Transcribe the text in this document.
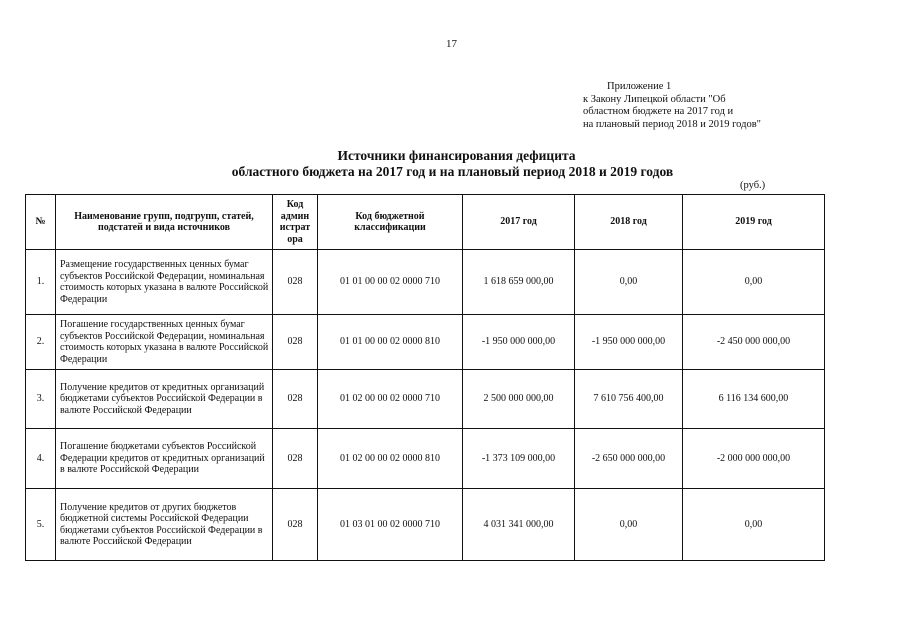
17
Приложение 1
к Закону Липецкой области "Об
областном бюджете на 2017 год и
на плановый период 2018 и 2019 годов"
Источники финансирования дефицита
областного бюджета на 2017 год и на плановый период 2018 и 2019 годов
(руб.)
№	Наименование групп, подгрупп, статей, подстатей и вида источников	Код админ истрат ора	Код бюджетной классификации	2017 год	2018 год	2019 год
1.	Размещение государственных ценных бумаг субъектов Российской Федерации, номинальная стоимость которых указана в валюте Российской Федерации	028	01 01 00 00 02 0000 710	1 618 659 000,00	0,00	0,00
2.	Погашение государственных ценных бумаг субъектов Российской Федерации, номинальная стоимость которых указана в валюте Российской Федерации	028	01 01 00 00 02 0000 810	-1 950 000 000,00	-1 950 000 000,00	-2 450 000 000,00
3.	Получение кредитов от кредитных организаций бюджетами субъектов Российской Федерации в валюте Российской Федерации	028	01 02 00 00 02 0000 710	2 500 000 000,00	7 610 756 400,00	6 116 134 600,00
4.	Погашение бюджетами субъектов Российской Федерации кредитов от кредитных организаций в валюте Российской Федерации	028	01 02 00 00 02 0000 810	-1 373 109 000,00	-2 650 000 000,00	-2 000 000 000,00
5.	Получение кредитов от других бюджетов бюджетной системы Российской Федерации бюджетами субъектов Российской Федерации в валюте Российской Федерации	028	01 03 01 00 02 0000 710	4 031 341 000,00	0,00	0,00
